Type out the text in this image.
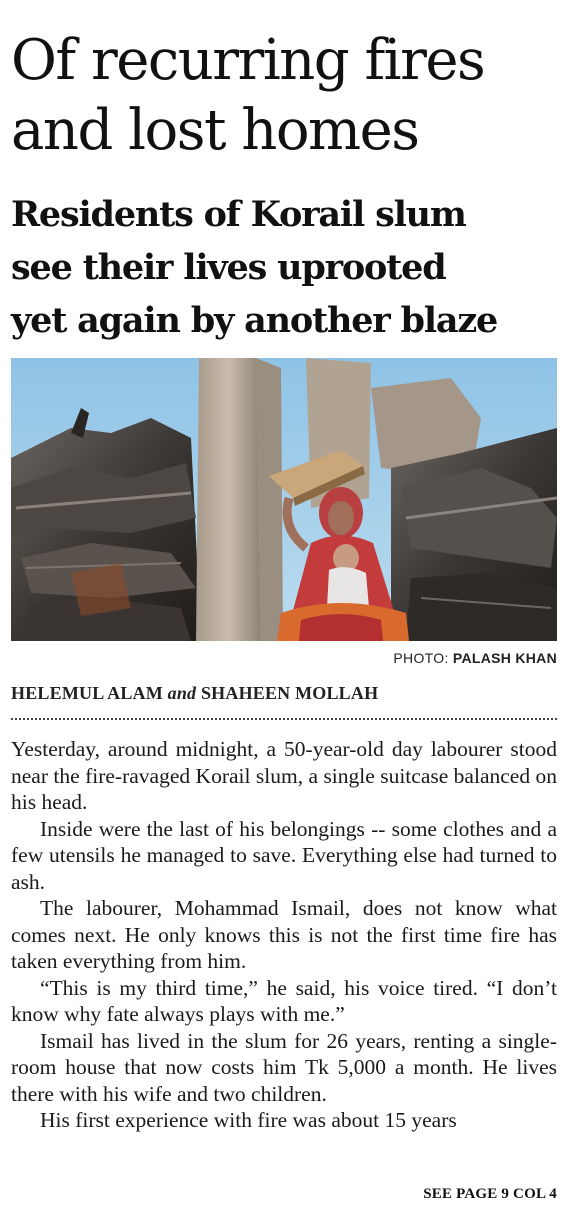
Of recurring fires
and lost homes
Residents of Korail slum
see their lives uprooted
yet again by another blaze
PHOTO: PALASH KHAN
HELEMUL ALAM and SHAHEEN MOLLAH

Yesterday, around midnight, a 50-year-old day labourer stood near the fire-ravaged Korail slum, a single suitcase balanced on his head.

Inside were the last of his belongings -- some clothes and a few utensils he managed to save. Everything else had turned to ash.

The labourer, Mohammad Ismail, does not know what comes next. He only knows this is not the first time fire has taken everything from him.

“This is my third time,” he said, his voice tired. “I don’t know why fate always plays with me.”

Ismail has lived in the slum for 26 years, renting a single-room house that now costs him Tk 5,000 a month. He lives there with his wife and two children.

His first experience with fire was about 15 years

SEE PAGE 9 COL 4
